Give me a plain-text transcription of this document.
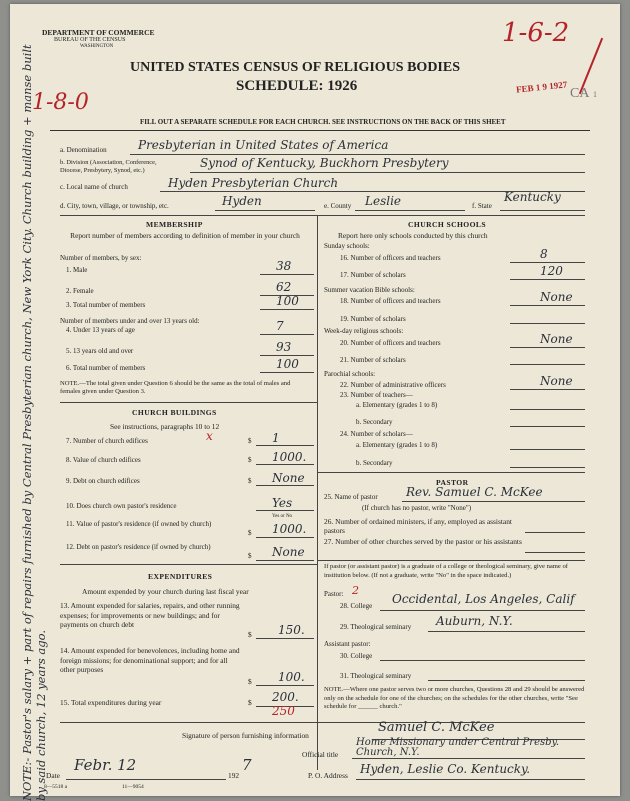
DEPARTMENT OF COMMERCE
BUREAU OF THE CENSUS
WASHINGTON
UNITED STATES CENSUS OF RELIGIOUS BODIES
SCHEDULE: 1926
1-6-2
FEB 1 9 1927 CA 1
1-8-0
FILL OUT A SEPARATE SCHEDULE FOR EACH CHURCH. SEE INSTRUCTIONS ON THE BACK OF THIS SHEET
a. Denomination	Presbyterian in United States of America
b. Division (Association, Conference, Diocese, Presbytery, Synod, etc.)	Synod of Kentucky, Buckhorn Presbytery
c. Local name of church	Hyden Presbyterian Church
d. City, town, village, or township, etc.	Hyden	e. County Leslie	f. State
Kentucky
MEMBERSHIP
Report number of members according to definition of member in your church
Number of members, by sex:
Number of members under and over 13 years old:
NOTE.—The total given under Question 6 should be the same as the total of males and females given under Question 3.
CHURCH BUILDINGS
See instructions, paragraphs 10 to 12
x
Yes or No
EXPENDITURES
Amount expended by your church during last fiscal year
13. Amount expended for salaries, repairs, and other running expenses; for improvements or new buildings; and for payments on church debt
$ 150.
14. Amount expended for benevolences, including home and foreign missions; for denominational support; and for all other purposes
$ 100.
15. Total expenditures during year	$ 200.
250
CHURCH SCHOOLS
Report here only schools conducted by this church
Sunday schools:
Summer vacation Bible schools:
Week-day religious schools:
Parochial schools:
PASTOR
25. Name of pastor Rev. Samuel C. McKee
(If church has no pastor, write "None")
26. Number of ordained ministers, if any, employed as assistant pastors
27. Number of other churches served by the pastor or his assistants
If pastor (or assistant pastor) is a graduate of a college or theological seminary, give name of institution below. (If not a graduate, write "No" in the space indicated.)
Pastor: 2
28. College Occidental, Los Angeles, Calif
29. Theological seminary Auburn, N.Y.
Assistant pastor:
30. College
31. Theological seminary
NOTE.—Where one pastor serves two or more churches, Questions 28 and 29 should be answered only on the schedule for one of the churches; on the schedules for the other churches, write "See schedule for ______ church."
Signature of person furnishing information
Samuel C. McKee
Official title
Home Missionary under Central Presby. Church, N.Y.
Date
Febr. 12
192
7
P. O. Address Hyden, Leslie Co. Kentucky.
8—5518 a	11—9054
NOTE:- Pastor's salary + part of repairs furnished by Central Presbyterian church, New York City. Church building + manse built by said church, 12 years ago.
1. Male	38
2. Female	62
3. Total number of members	100
4. Under 13 years of age	7
5. 13 years old and over	93
6. Total number of members	100
7. Number of church edifices	$ 1
8. Value of church edifices	$ 1000.
9. Debt on church edifices	$ None
10. Does church own pastor's residence	Yes
11. Value of pastor's residence (if owned by church)
$ 1000.
12. Debt on pastor's residence (if owned by church)
$ None
16. Number of officers and teachers	8
17. Number of scholars	120
18. Number of officers and teachers	None
19. Number of scholars
20. Number of officers and teachers	None
21. Number of scholars
22. Number of administrative officers	None
23. Number of teachers—
a. Elementary (grades 1 to 8)
b. Secondary
24. Number of scholars—
a. Elementary (grades 1 to 8)
b. Secondary
